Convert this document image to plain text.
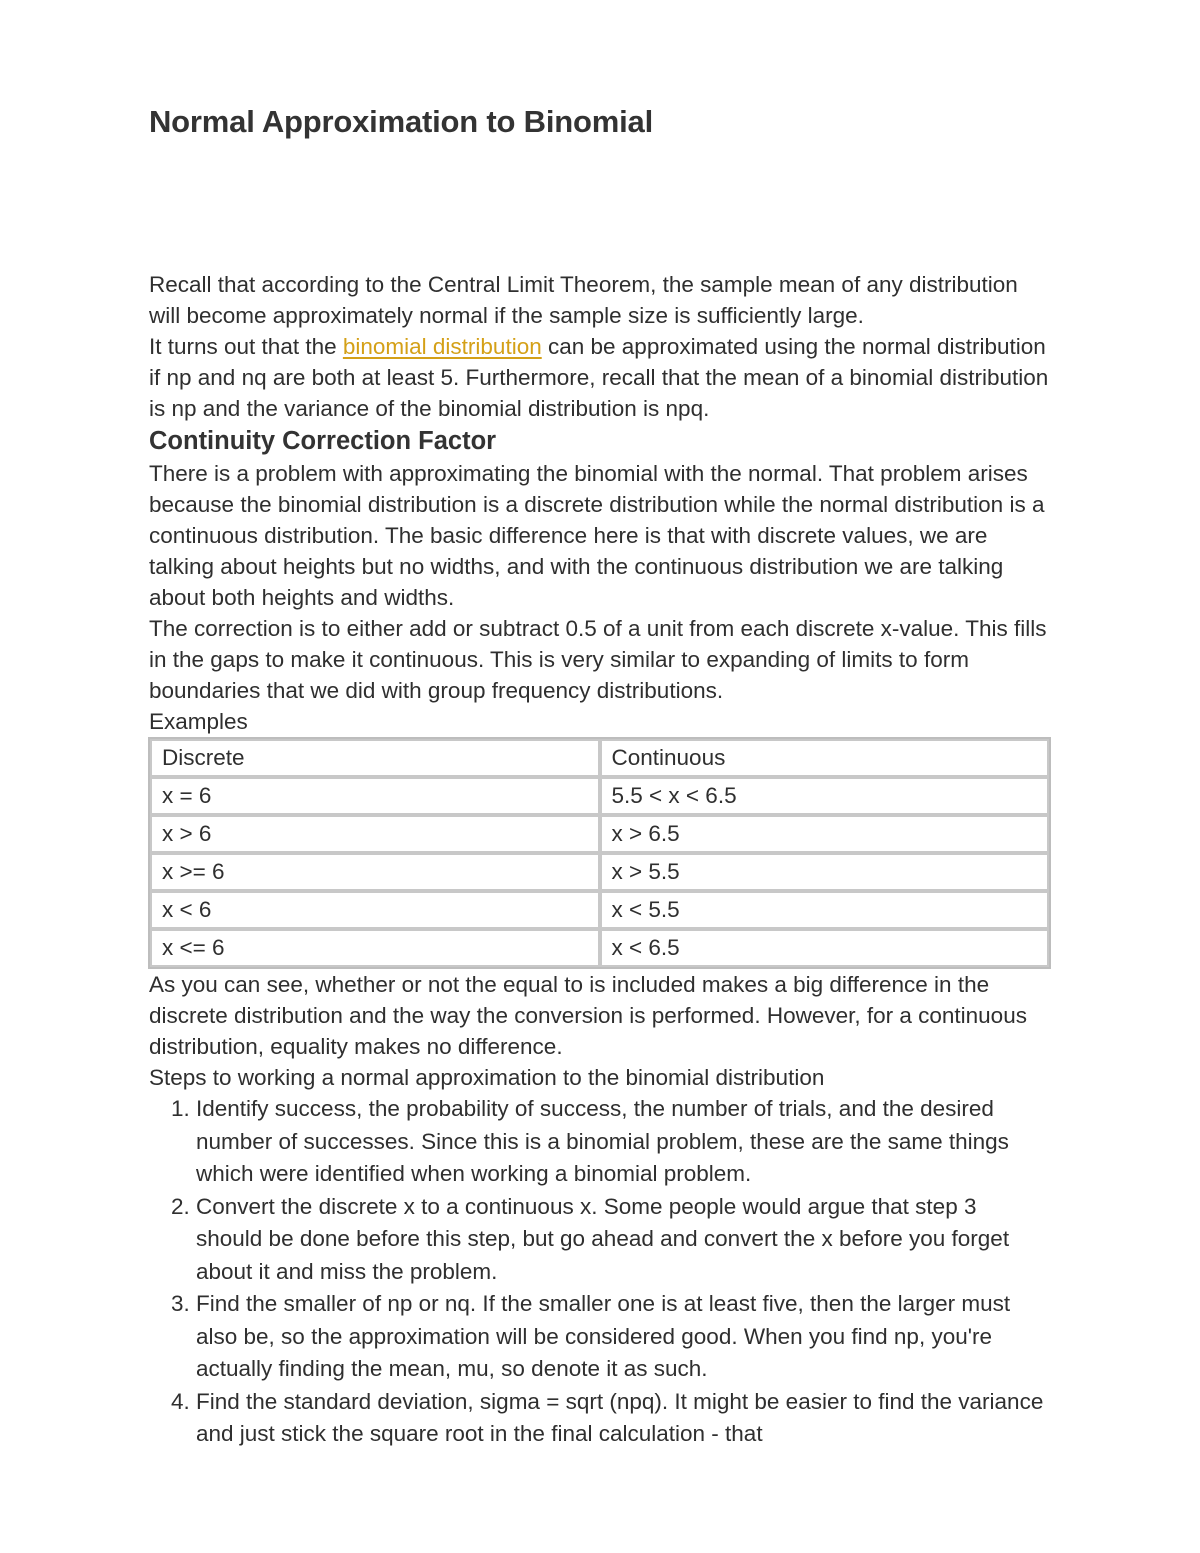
Normal Approximation to Binomial

Recall that according to the Central Limit Theorem, the sample mean of any distribution will become approximately normal if the sample size is sufficiently large.

It turns out that the binomial distribution can be approximated using the normal distribution if np and nq are both at least 5. Furthermore, recall that the mean of a binomial distribution is np and the variance of the binomial distribution is npq.

Continuity Correction Factor

There is a problem with approximating the binomial with the normal. That problem arises because the binomial distribution is a discrete distribution while the normal distribution is a continuous distribution. The basic difference here is that with discrete values, we are talking about heights but no widths, and with the continuous distribution we are talking about both heights and widths.

The correction is to either add or subtract 0.5 of a unit from each discrete x-value. This fills in the gaps to make it continuous. This is very similar to expanding of limits to form boundaries that we did with group frequency distributions.

Examples

Discrete	Continuous
x = 6	5.5 < x < 6.5
x > 6	x > 6.5
x >= 6	x > 5.5
x < 6	x < 5.5
x <= 6	x < 6.5

As you can see, whether or not the equal to is included makes a big difference in the discrete distribution and the way the conversion is performed. However, for a continuous distribution, equality makes no difference.

Steps to working a normal approximation to the binomial distribution

1. Identify success, the probability of success, the number of trials, and the desired number of successes. Since this is a binomial problem, these are the same things which were identified when working a binomial problem.
2. Convert the discrete x to a continuous x. Some people would argue that step 3 should be done before this step, but go ahead and convert the x before you forget about it and miss the problem.
3. Find the smaller of np or nq. If the smaller one is at least five, then the larger must also be, so the approximation will be considered good. When you find np, you're actually finding the mean, mu, so denote it as such.
4. Find the standard deviation, sigma = sqrt (npq). It might be easier to find the variance and just stick the square root in the final calculation - that
